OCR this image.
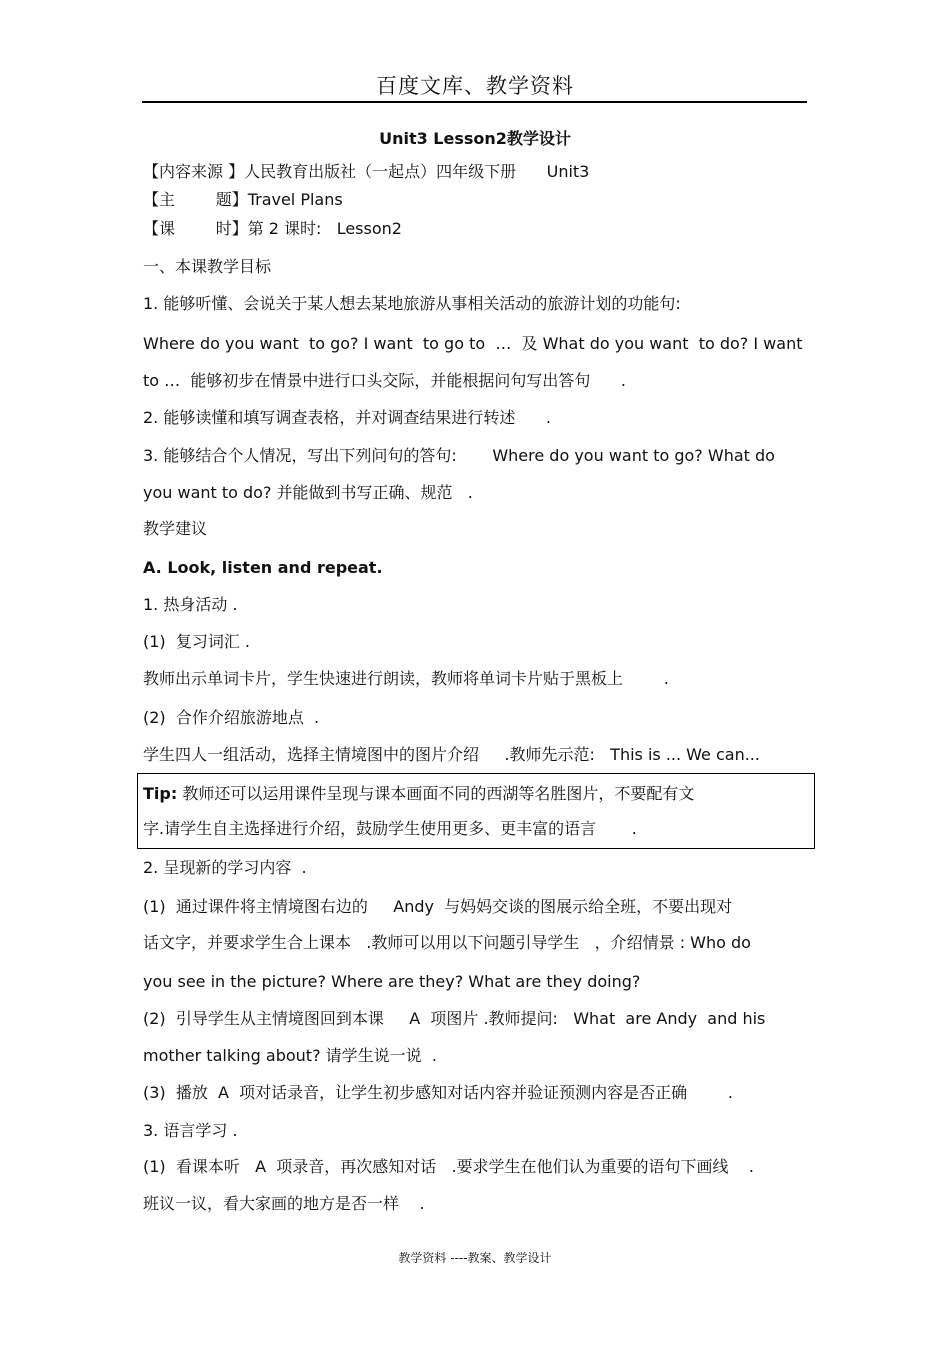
百度文库、教学资料
Unit3 Lesson2教学设计
【内容来源 】人民教育出版社（一起点）四年级下册      Unit3
【主        题】Travel Plans
【课        时】第 2 课时:   Lesson2
一、本课教学目标
1. 能够听懂、会说关于某人想去某地旅游从事相关活动的旅游计划的功能句:
Where do you want  to go? I want  to go to  …  及 What do you want  to do? I want
to …  能够初步在情景中进行口头交际，并能根据问句写出答句      .
2. 能够读懂和填写调查表格，并对调查结果进行转述      .
3. 能够结合个人情况，写出下列问句的答句:       Where do you want to go? What do
you want to do? 并能做到书写正确、规范   .
教学建议
A. Look, listen and repeat.
1. 热身活动 .
(1)  复习词汇 .
教师出示单词卡片，学生快速进行朗读，教师将单词卡片贴于黑板上        .
(2)  合作介绍旅游地点  .
学生四人一组活动，选择主情境图中的图片介绍     .教师先示范:   This is ... We can...
Tip: 教师还可以运用课件呈现与课本画面不同的西湖等名胜图片，不要配有文
字.请学生自主选择进行介绍，鼓励学生使用更多、更丰富的语言       .
2. 呈现新的学习内容  .
(1)  通过课件将主情境图右边的     Andy  与妈妈交谈的图展示给全班，不要出现对
话文字，并要求学生合上课本   .教师可以用以下问题引导学生   ，介绍情景 : Who do
you see in the picture? Where are they? What are they doing?
(2)  引导学生从主情境图回到本课     A  项图片 .教师提问:   What  are Andy  and his
mother talking about? 请学生说一说  .
(3)  播放  A  项对话录音，让学生初步感知对话内容并验证预测内容是否正确        .
3. 语言学习 .
(1)  看课本听   A  项录音，再次感知对话   .要求学生在他们认为重要的语句下画线    .
班议一议，看大家画的地方是否一样    .
教学资料 ----教案、教学设计
